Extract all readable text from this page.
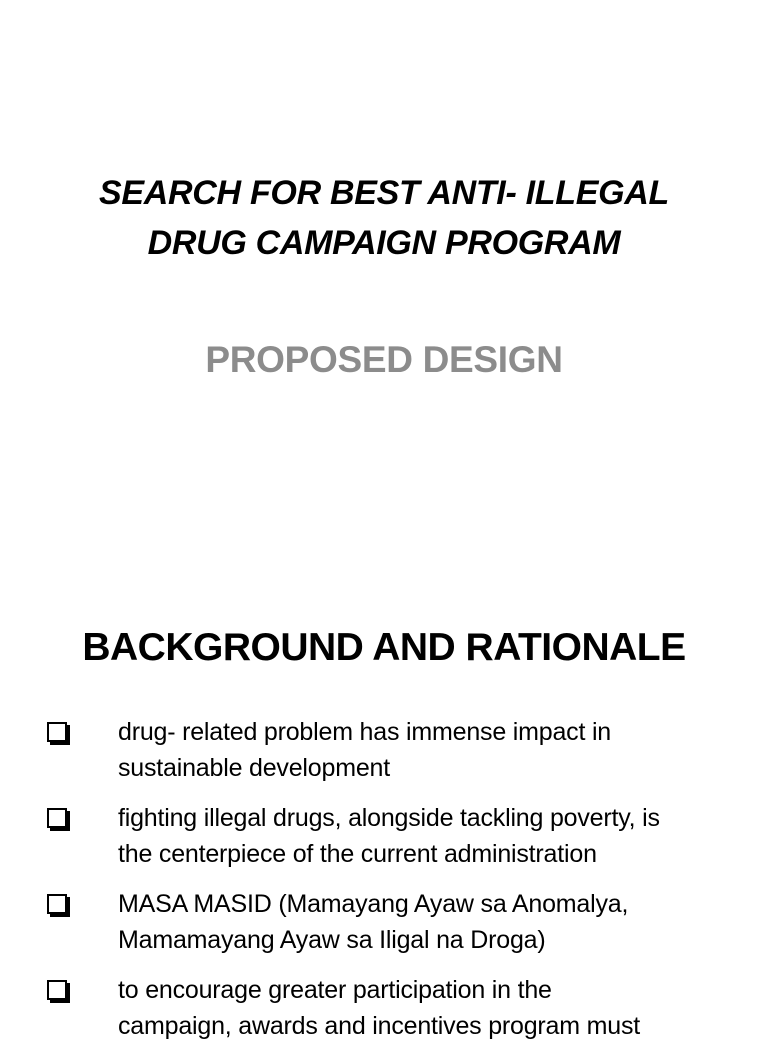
SEARCH FOR BEST ANTI- ILLEGAL
DRUG CAMPAIGN PROGRAM
PROPOSED DESIGN
BACKGROUND AND RATIONALE
drug- related problem has immense impact in
sustainable development
fighting illegal drugs, alongside tackling poverty, is
the centerpiece of the current administration
MASA MASID (Mamayang Ayaw sa Anomalya,
Mamamayang Ayaw sa Iligal na Droga)
to encourage greater participation in the
campaign, awards and incentives program must
